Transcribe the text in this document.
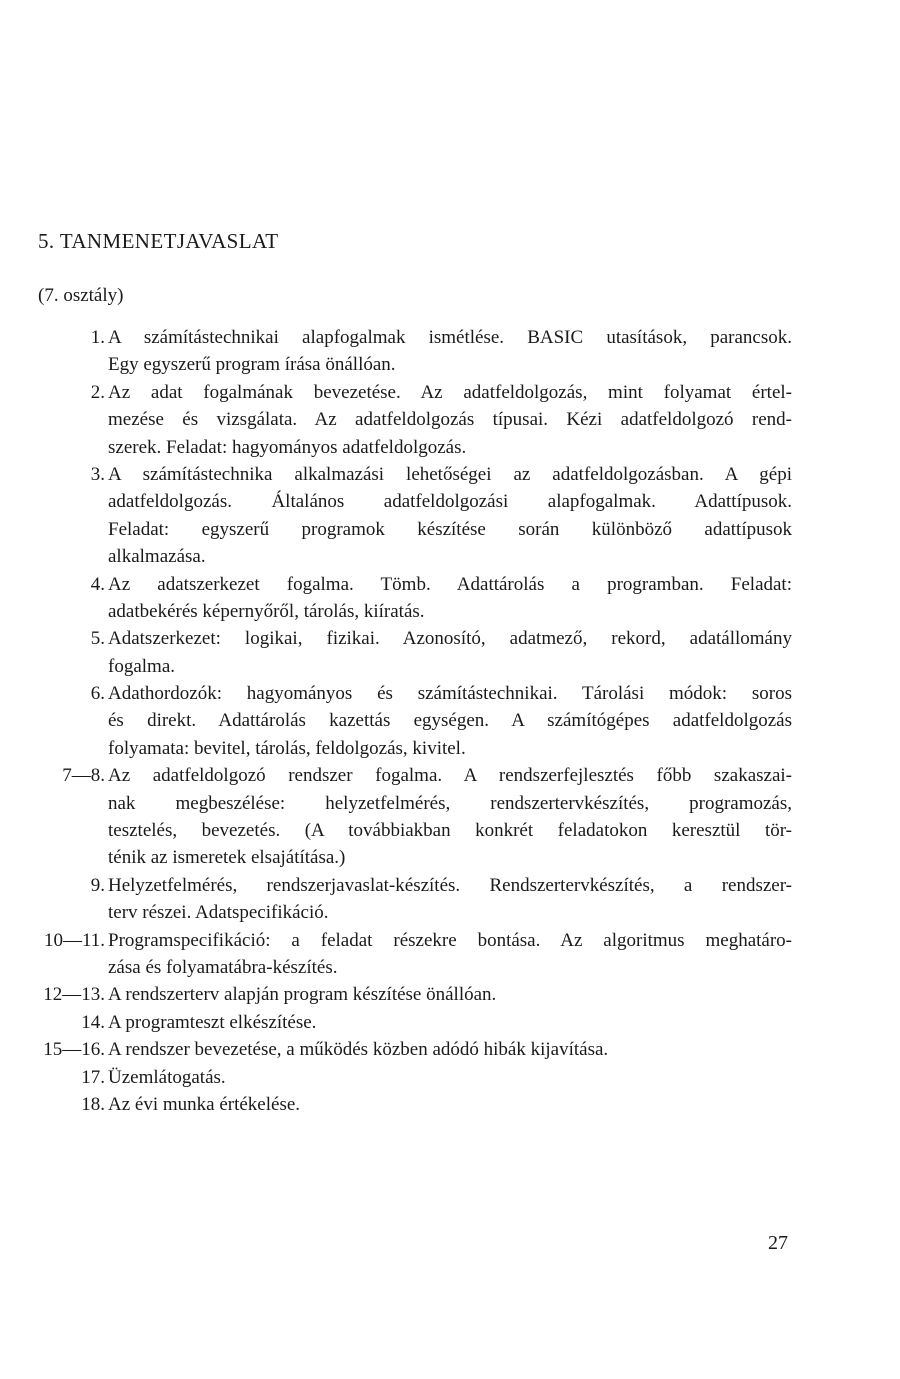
5. TANMENETJAVASLAT
(7. osztály)
1. A számítástechnikai alapfogalmak ismétlése. BASIC utasítások, parancsok.
Egy egyszerű program írása önállóan.
2. Az adat fogalmának bevezetése. Az adatfeldolgozás, mint folyamat értel-
mezése és vizsgálata. Az adatfeldolgozás típusai. Kézi adatfeldolgozó rend-
szerek. Feladat: hagyományos adatfeldolgozás.
3. A számítástechnika alkalmazási lehetőségei az adatfeldolgozásban. A gépi
adatfeldolgozás. Általános adatfeldolgozási alapfogalmak. Adattípusok.
Feladat: egyszerű programok készítése során különböző adattípusok
alkalmazása.
4. Az adatszerkezet fogalma. Tömb. Adattárolás a programban. Feladat:
adatbekérés képernyőről, tárolás, kiíratás.
5. Adatszerkezet: logikai, fizikai. Azonosító, adatmező, rekord, adatállomány
fogalma.
6. Adathordozók: hagyományos és számítástechnikai. Tárolási módok: soros
és direkt. Adattárolás kazettás egységen. A számítógépes adatfeldolgozás
folyamata: bevitel, tárolás, feldolgozás, kivitel.
7—8. Az adatfeldolgozó rendszer fogalma. A rendszerfejlesztés főbb szakaszai-
nak megbeszélése: helyzetfelmérés, rendszertervkészítés, programozás,
tesztelés, bevezetés. (A továbbiakban konkrét feladatokon keresztül tör-
ténik az ismeretek elsajátítása.)
9. Helyzetfelmérés, rendszerjavaslat-készítés. Rendszertervkészítés, a rendszer-
terv részei. Adatspecifikáció.
10—11. Programspecifikáció: a feladat részekre bontása. Az algoritmus meghatáro-
zása és folyamatábra-készítés.
12—13. A rendszerterv alapján program készítése önállóan.
14. A programteszt elkészítése.
15—16. A rendszer bevezetése, a működés közben adódó hibák kijavítása.
17. Üzemlátogatás.
18. Az évi munka értékelése.
27
